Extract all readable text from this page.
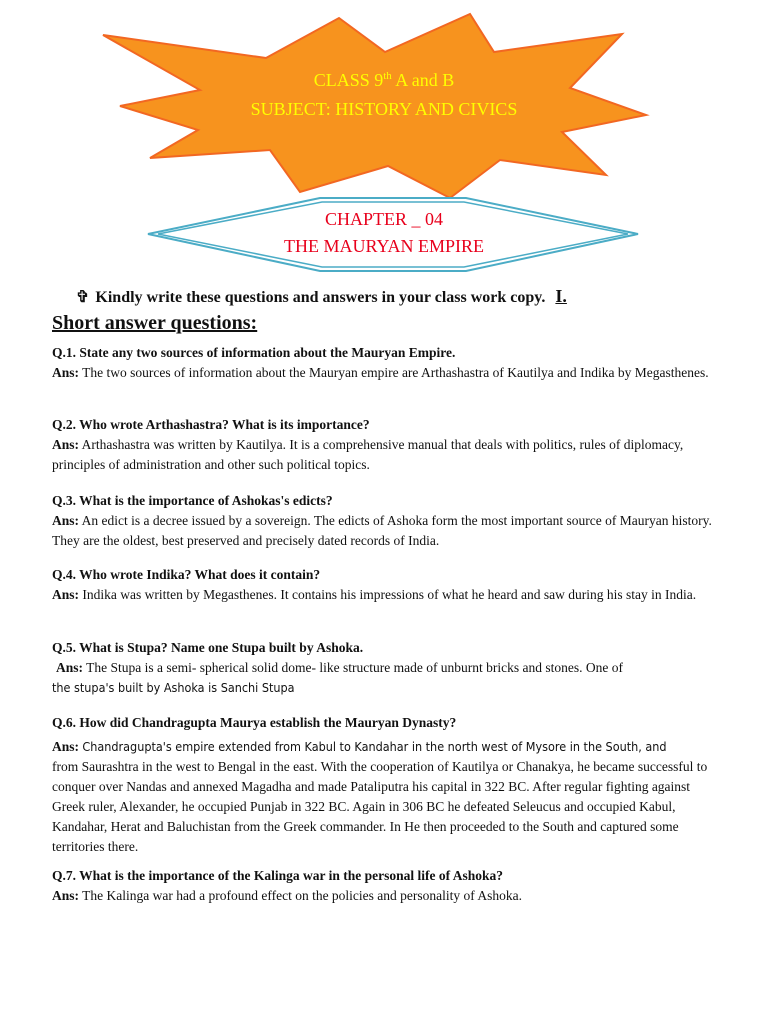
CLASS 9th A and B
SUBJECT: HISTORY AND CIVICS
CHAPTER _ 04
THE MAURYAN EMPIRE
✞ Kindly write these questions and answers in your class work copy. I.
Short answer questions:
Q.1. State any two sources of information about the Mauryan Empire.
Ans: The two sources of information about the Mauryan empire are Arthashastra of Kautilya and Indika by Megasthenes.
Q.2. Who wrote Arthashastra? What is its importance?
Ans: Arthashastra was written by Kautilya. It is a comprehensive manual that deals with politics, rules of diplomacy, principles of administration and other such political topics.
Q.3. What is the importance of Ashokas's edicts?
Ans: An edict is a decree issued by a sovereign. The edicts of Ashoka form the most important source of Mauryan history. They are the oldest, best preserved and precisely dated records of India.
Q.4. Who wrote Indika? What does it contain?
Ans: Indika was written by Megasthenes. It contains his impressions of what he heard and saw during his stay in India.
Q.5. What is Stupa? Name one Stupa built by Ashoka.
Ans: The Stupa is a semi- spherical solid dome- like structure made of unburnt bricks and stones. One of
the stupa's built by Ashoka is Sanchi Stupa
Q.6. How did Chandragupta Maurya establish the Mauryan Dynasty?
Ans: Chandragupta's empire extended from Kabul to Kandahar in the north west of Mysore in the South, and
from Saurashtra in the west to Bengal in the east. With the cooperation of Kautilya or Chanakya, he became successful to conquer over Nandas and annexed Magadha and made Pataliputra his capital in 322 BC. After regular fighting against Greek ruler, Alexander, he occupied Punjab in 322 BC. Again in 306 BC he defeated Seleucus and occupied Kabul, Kandahar, Herat and Baluchistan from the Greek commander. In He then proceeded to the South and captured some territories there.
Q.7. What is the importance of the Kalinga war in the personal life of Ashoka?
Ans: The Kalinga war had a profound effect on the policies and personality of Ashoka.
